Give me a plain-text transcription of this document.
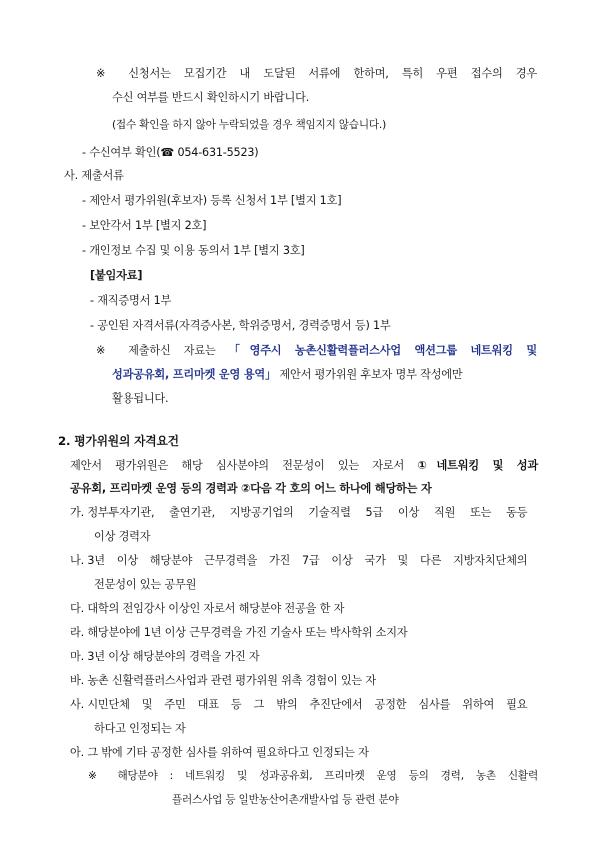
※ 신청서는 모집기간 내 도달된 서류에 한하며, 특히 우편 접수의 경우
수신 여부를 반드시 확인하시기 바랍니다.
(접수 확인을 하지 않아 누락되었을 경우 책임지지 않습니다.)
- 수신여부 확인(☎ 054-631-5523)
사. 제출서류
- 제안서 평가위원(후보자) 등록 신청서 1부 [별지 1호]
- 보안각서 1부 [별지 2호]
- 개인정보 수집 및 이용 동의서 1부 [별지 3호]
[붙임자료]
- 재직증명서 1부
- 공인된 자격서류(자격증사본, 학위증명서, 경력증명서 등) 1부
※ 제출하신 자료는 「영주시 농촌신활력플러스사업 액션그룹 네트워킹 및
성과공유회, 프리마켓 운영 용역」 제안서 평가위원 후보자 명부 작성에만
활용됩니다.
2. 평가위원의 자격요건
제안서 평가위원은 해당 심사분야의 전문성이 있는 자로서 ①네트워킹 및 성과
공유회, 프리마켓 운영 등의 경력과 ②다음 각 호의 어느 하나에 해당하는 자
가. 정부투자기관, 출연기관, 지방공기업의 기술직렬 5급 이상 직원 또는 동등
이상 경력자
나. 3년 이상 해당분야 근무경력을 가진 7급 이상 국가 및 다른 지방자치단체의
전문성이 있는 공무원
다. 대학의 전임강사 이상인 자로서 해당분야 전공을 한 자
라. 해당분야에 1년 이상 근무경력을 가진 기술사 또는 박사학위 소지자
마. 3년 이상 해당분야의 경력을 가진 자
바. 농촌 신활력플러스사업과 관련 평가위원 위촉 경험이 있는 자
사. 시민단체 및 주민 대표 등 그 밖의 추진단에서 공정한 심사를 위하여 필요
하다고 인정되는 자
아. 그 밖에 기타 공정한 심사를 위하여 필요하다고 인정되는 자
※ 해당분야 : 네트워킹 및 성과공유회, 프리마켓 운영 등의 경력, 농촌 신활력
플러스사업 등 일반농산어촌개발사업 등 관련 분야
